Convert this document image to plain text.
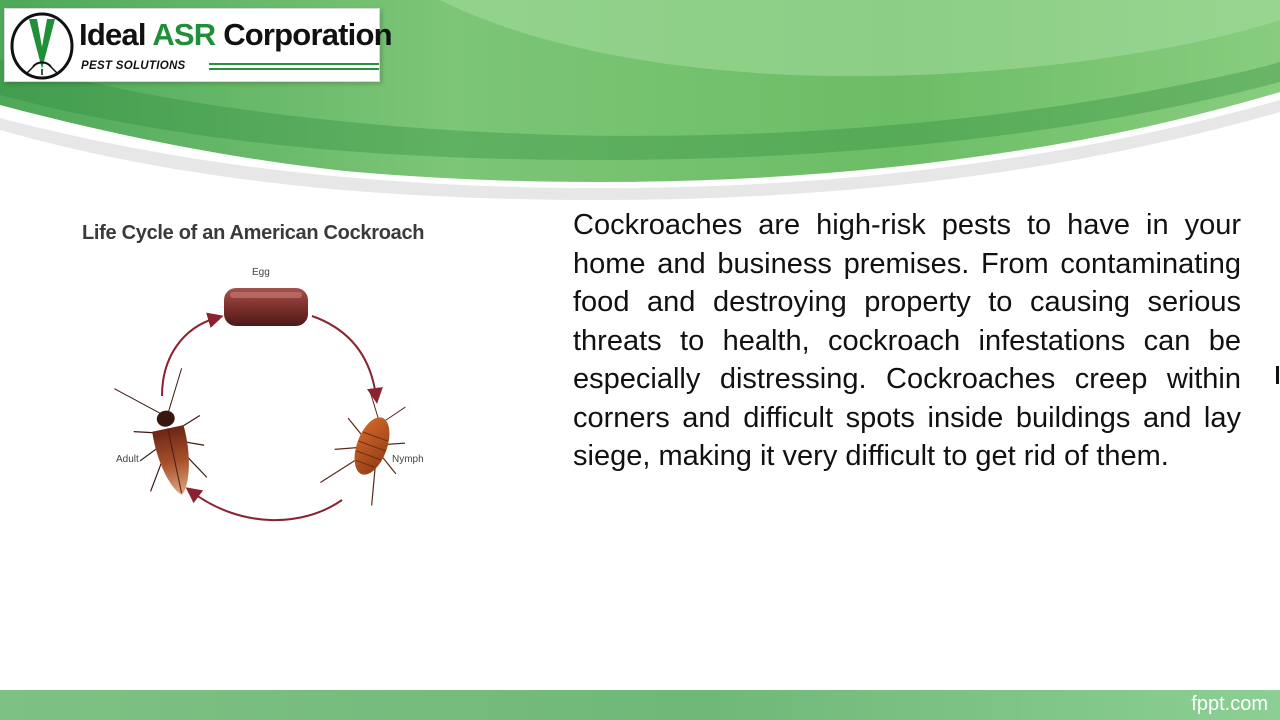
Ideal ASR Corporation
PEST SOLUTIONS
Life Cycle of an American Cockroach
Egg
Adult	Nymph
Cockroaches are high-risk pests to have in your home and business premises. From contaminating food and destroying property to causing serious threats to health, cockroach infestations can be especially distressing. Cockroaches creep within corners and difficult spots inside buildings and lay siege, making it very difficult to get rid of them.
fppt.com
